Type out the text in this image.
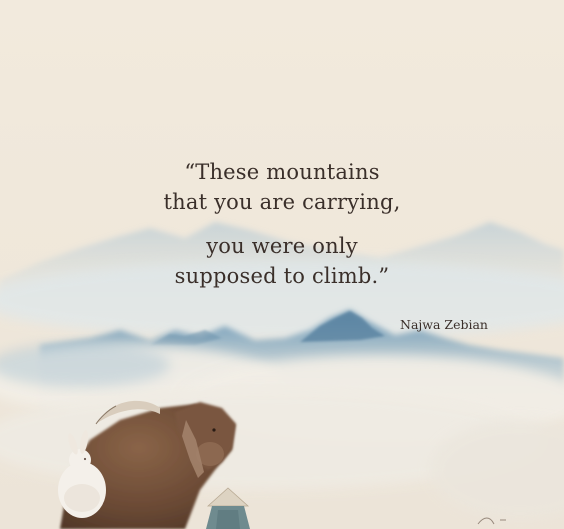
“These mountains
that you are carrying,
you were only
supposed to climb.”
Najwa Zebian
